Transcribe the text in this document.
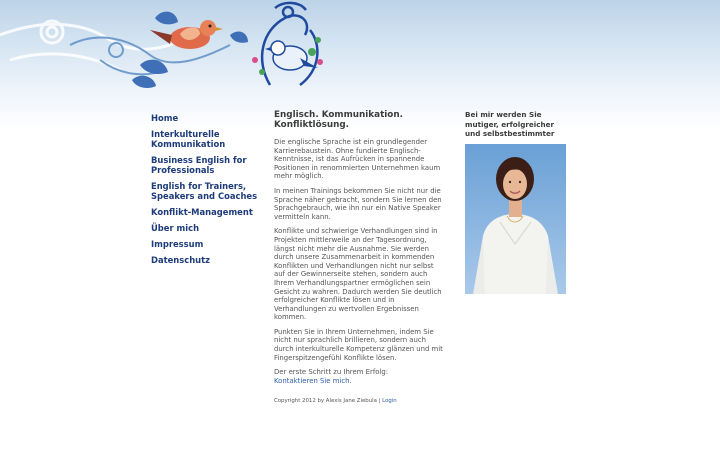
Home
Interkulturelle Kommunikation
Business English for Professionals
English for Trainers, Speakers and Coaches
Konflikt-Management
Über mich
Impressum
Datenschutz
Englisch. Kommunikation. Konfliktlösung.

Die englische Sprache ist ein grundlegender Karrierebaustein. Ohne fundierte Englisch-Kenntnisse, ist das Aufrücken in spannende Positionen in renommierten Unternehmen kaum mehr möglich.

In meinen Trainings bekommen Sie nicht nur die Sprache näher gebracht, sondern Sie lernen den Sprachgebrauch, wie ihn nur ein Native Speaker vermitteln kann.

Konflikte und schwierige Verhandlungen sind in Projekten mittlerweile an der Tagesordnung, längst nicht mehr die Ausnahme. Sie werden durch unsere Zusammenarbeit in kommenden Konflikten und Verhandlungen nicht nur selbst auf der Gewinnerseite stehen, sondern auch Ihrem Verhandlungspartner ermöglichen sein Gesicht zu wahren. Dadurch werden Sie deutlich erfolgreicher Konflikte lösen und in Verhandlungen zu wertvollen Ergebnissen kommen.

Punkten Sie in Ihrem Unternehmen, indem Sie nicht nur sprachlich brillieren, sondern auch durch interkulturelle Kompetenz glänzen und mit Fingerspitzengefühl Konflikte lösen.

Der erste Schritt zu Ihrem Erfolg:
Kontaktieren Sie mich.

Bei mir werden Sie mutiger, erfolgreicher und selbstbestimmter
Copyright 2012 by Alexis Jane Ziebula | Login
